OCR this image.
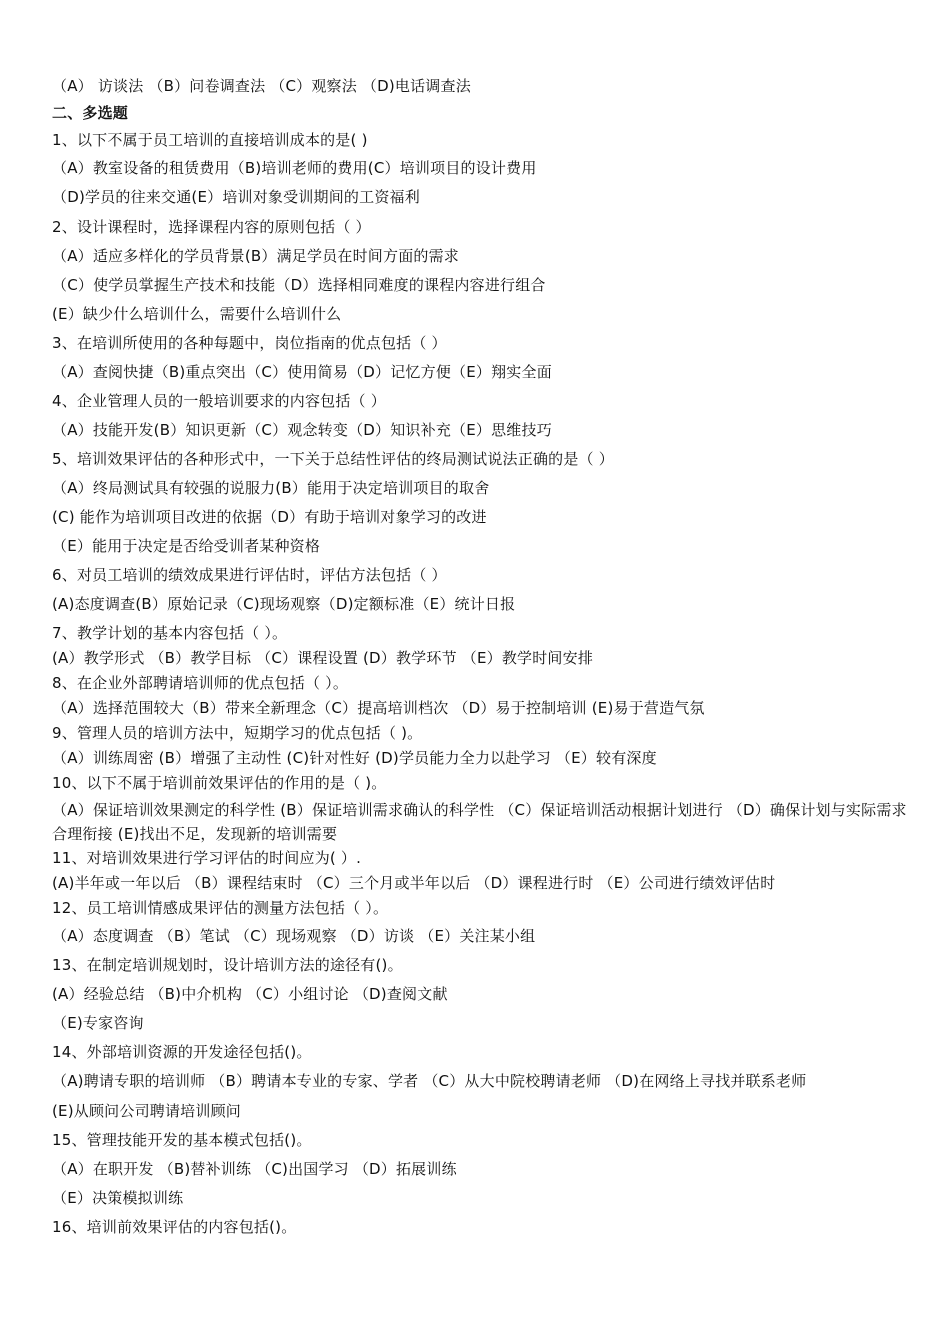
（A） 访谈法 （B）问卷调查法 （C）观察法 （D)电话调查法
二、多选题
1、以下不属于员工培训的直接培训成本的是( )
（A）教室设备的租赁费用（B)培训老师的费用(C）培训项目的设计费用
（D)学员的往来交通(E）培训对象受训期间的工资福利
2、设计课程时，选择课程内容的原则包括（ ）
（A）适应多样化的学员背景(B）满足学员在时间方面的需求
（C）使学员掌握生产技术和技能（D）选择相同难度的课程内容进行组合
(E）缺少什么培训什么，需要什么培训什么
3、在培训所使用的各种每题中，岗位指南的优点包括（ ）
（A）查阅快捷（B)重点突出（C）使用简易（D）记忆方便（E）翔实全面
4、企业管理人员的一般培训要求的内容包括（ ）
（A）技能开发(B）知识更新（C）观念转变（D）知识补充（E）思维技巧
5、培训效果评估的各种形式中，一下关于总结性评估的终局测试说法正确的是（ ）
（A）终局测试具有较强的说服力(B）能用于决定培训项目的取舍
(C) 能作为培训项目改进的依据（D）有助于培训对象学习的改进
（E）能用于决定是否给受训者某种资格
6、对员工培训的绩效成果进行评估时，评估方法包括（ ）
(A)态度调查(B）原始记录（C)现场观察（D)定额标准（E）统计日报
7、教学计划的基本内容包括（ ）。
(A）教学形式 （B）教学目标 （C）课程设置 (D）教学环节 （E）教学时间安排
8、在企业外部聘请培训师的优点包括（ ）。
（A）选择范围较大（B）带来全新理念（C）提高培训档次 （D）易于控制培训 (E)易于营造气氛
9、管理人员的培训方法中，短期学习的优点包括（ )。
（A）训练周密 (B）增强了主动性 (C)针对性好 (D)学员能力全力以赴学习 （E）较有深度
10、以下不属于培训前效果评估的作用的是（ )。
（A）保证培训效果测定的科学性 (B）保证培训需求确认的科学性 （C）保证培训活动根据计划进行 （D）确保计划与实际需求合理衔接 (E)找出不足，发现新的培训需要
11、对培训效果进行学习评估的时间应为( ）.
(A)半年或一年以后 （B）课程结束时 （C）三个月或半年以后 （D）课程进行时 （E）公司进行绩效评估时
12、员工培训情感成果评估的测量方法包括（ ）。
（A）态度调查 （B）笔试 （C）现场观察 （D）访谈 （E）关注某小组
13、在制定培训规划时，设计培训方法的途径有()。
(A）经验总结 （B)中介机构 （C）小组讨论 （D)查阅文献
（E)专家咨询
14、外部培训资源的开发途径包括()。
（A)聘请专职的培训师 （B）聘请本专业的专家、学者 （C）从大中院校聘请老师 （D)在网络上寻找并联系老师
(E)从顾问公司聘请培训顾问
15、管理技能开发的基本模式包括()。
（A）在职开发 （B)替补训练 （C)出国学习 （D）拓展训练
（E）决策模拟训练
16、培训前效果评估的内容包括()。
